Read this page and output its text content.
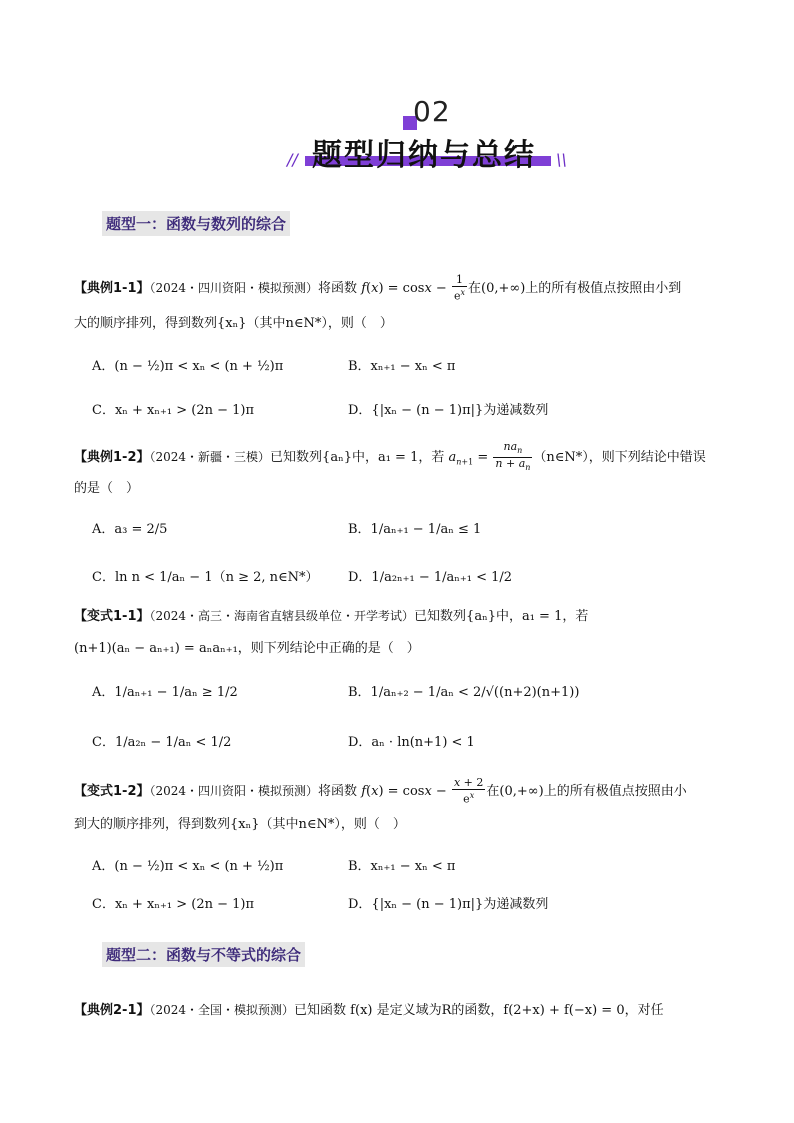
02
题型归纳与总结
//	\\
题型一：函数与数列的综合
【典例1-1】（2024・四川资阳・模拟预测）将函数 $f(x) = \cos x - \frac{1}{e^x}$ 在(0,+∞)上的所有极值点按照由小到
大的顺序排列，得到数列{xₙ}（其中n∈N*），则（　）
A．(n − ½)π < xₙ < (n + ½)π	B．xₙ₊₁ − xₙ < π
C．xₙ + xₙ₊₁ > (2n − 1)π	D．{|xₙ − (n − 1)π|}为递减数列
【典例1-2】（2024・新疆・三模）已知数列{aₙ}中，a₁ = 1，若 $a_{n+1} = \frac{na_n}{n + a_n}$ （n∈N*），则下列结论中错误
的是（　）
A．a₃ = 2/5	B．1/aₙ₊₁ − 1/aₙ ≤ 1
C．ln n < 1/aₙ − 1（n ≥ 2, n∈N*） D．1/a₂ₙ₊₁ − 1/aₙ₊₁ < 1/2
【变式1-1】（2024・高三・海南省直辖县级单位・开学考试）已知数列{aₙ}中，a₁ = 1，若
(n+1)(aₙ − aₙ₊₁) = aₙaₙ₊₁，则下列结论中正确的是（　）
A．1/aₙ₊₁ − 1/aₙ ≥ 1/2	B．1/aₙ₊₂ − 1/aₙ < 2/√((n+2)(n+1))
C．1/a₂ₙ − 1/aₙ < 1/2	D．aₙ · ln(n+1) < 1
【变式1-2】（2024・四川资阳・模拟预测）将函数 $f(x) = \cos x - \frac{x + 2}{e^x}$ 在(0,+∞)上的所有极值点按照由小
到大的顺序排列，得到数列{xₙ}（其中n∈N*），则（　）
A．(n − ½)π < xₙ < (n + ½)π	B．xₙ₊₁ − xₙ < π
C．xₙ + xₙ₊₁ > (2n − 1)π	D．{|xₙ − (n − 1)π|}为递减数列
题型二：函数与不等式的综合
【典例2-1】（2024・全国・模拟预测）已知函数 f(x) 是定义域为R的函数，f(2+x) + f(−x) = 0，对任
